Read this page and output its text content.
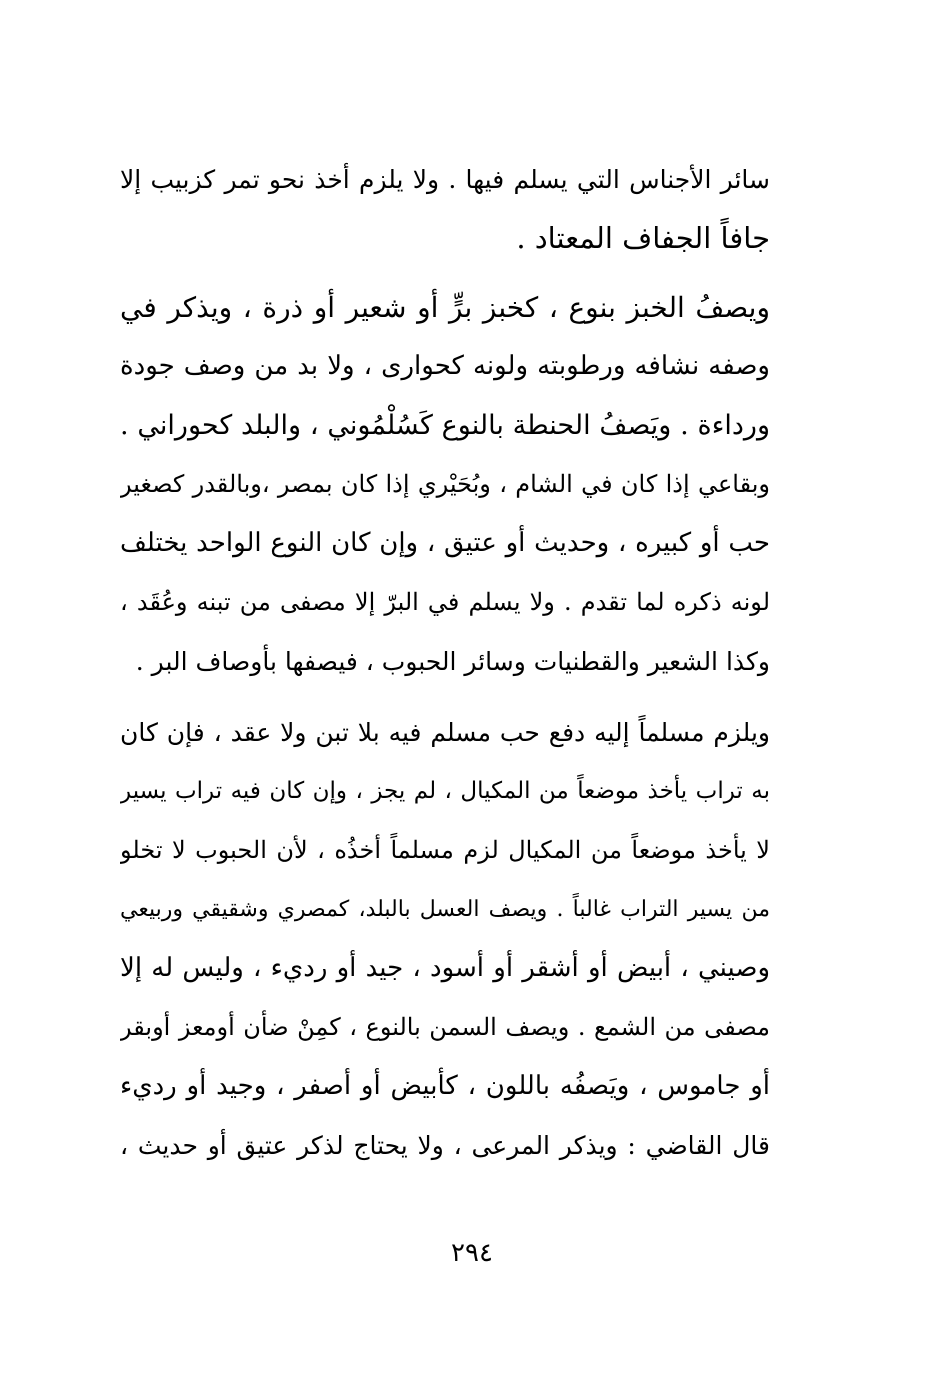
سائر الأجناس التي يسلم فيها . ولا يلزم أخذ نحو تمر كزبيب إلا
جافاً الجفاف المعتاد .
ويصفُ الخبز بنوع ، كخبز برٍّ أو شعير أو ذرة ، ويذكر في
وصفه نشافه ورطوبته ولونه كحوارى ، ولا بد من وصف جودة
ورداءة . ويَصفُ الحنطة بالنوع كَسُلْمُوني ، والبلد كحوراني .
وبقاعي إذا كان في الشام ، وبُحَيْري إذا كان بمصر ،وبالقدر كصغير
حب أو كبيره ، وحديث أو عتيق ، وإن كان النوع الواحد يختلف
لونه ذكره لما تقدم . ولا يسلم في البرّ إلا مصفى من تبنه وعُقَد ،
وكذا الشعير والقطنيات وسائر الحبوب ، فيصفها بأوصاف البر .
ويلزم مسلماً إليه دفع حب مسلم فيه بلا تبن ولا عقد ، فإن كان
به تراب يأخذ موضعاً من المكيال ، لم يجز ، وإن كان فيه تراب يسير
لا يأخذ موضعاً من المكيال لزم مسلماً أخذُه ، لأن الحبوب لا تخلو
من يسير التراب غالباً . ويصف العسل بالبلد، كمصري وشقيقي وربيعي
وصيني ، أبيض أو أشقر أو أسود ، جيد أو رديء ، وليس له إلا
مصفى من الشمع . ويصف السمن بالنوع ، كمِنْ ضأن أومعز أوبقر
أو جاموس ، ويَصفُه باللون ، كأبيض أو أصفر ، وجيد أو رديء
قال القاضي : ويذكر المرعى ، ولا يحتاج لذكر عتيق أو حديث ،
٢٩٤
